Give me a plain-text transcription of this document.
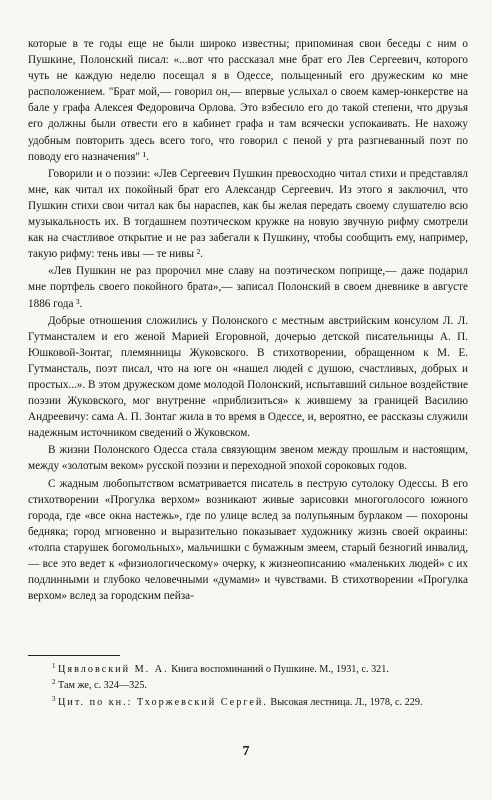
которые в те годы еще не были широко известны; припоминая свои беседы с ним о Пушкине, Полонский писал: «...вот что рассказал мне брат его Лев Сергеевич, которого чуть не каждую неделю посещал я в Одессе, польщенный его дружеским ко мне расположением. "Брат мой,— говорил он,— впервые услыхал о своем камер-юнкерстве на бале у графа Алексея Федоровича Орлова. Это взбесило его до такой степени, что друзья его должны были отвести его в кабинет графа и там всячески успокаивать. Не нахожу удобным повторить здесь всего того, что говорил с пеной у рта разгневанный поэт по поводу его назначения" ¹.

Говорили и о поэзии: «Лев Сергеевич Пушкин превосходно читал стихи и представлял мне, как читал их покойный брат его Александр Сергеевич. Из этого я заключил, что Пушкин стихи свои читал как бы нараспев, как бы желая передать своему слушателю всю музыкальность их. В тогдашнем поэтическом кружке на новую звучную рифму смотрели как на счастливое открытие и не раз забегали к Пушкину, чтобы сообщить ему, например, такую рифму: тень ивы — те нивы ².

«Лев Пушкин не раз пророчил мне славу на поэтическом поприще,— даже подарил мне портфель своего покойного брата»,— записал Полонский в своем дневнике в августе 1886 года ³.

Добрые отношения сложились у Полонского с местным австрийским консулом Л. Л. Гутмансталем и его женой Марией Егоровной, дочерью детской писательницы А. П. Юшковой-Зонтаг, племянницы Жуковского. В стихотворении, обращенном к М. Е. Гутмансталь, поэт писал, что на юге он «нашел людей с душою, счастливых, добрых и простых...». В этом дружеском доме молодой Полонский, испытавший сильное воздействие поэзии Жуковского, мог внутренне «приблизиться» к жившему за границей Василию Андреевичу: сама А. П. Зонтаг жила в то время в Одессе, и, вероятно, ее рассказы служили надежным источником сведений о Жуковском.

В жизни Полонского Одесса стала связующим звеном между прошлым и настоящим, между «золотым веком» русской поэзии и переходной эпохой сороковых годов.

С жадным любопытством всматривается писатель в пеструю сутолоку Одессы. В его стихотворении «Прогулка верхом» возникают живые зарисовки многоголосого южного города, где «все окна настежь», где по улице вслед за полупьяным бурлаком — похороны бедняка; город мгновенно и выразительно показывает художнику жизнь своей окраины: «толпа старушек богомольных», мальчишки с бумажным змеем, старый безногий инвалид,— все это ведет к «физиологическому» очерку, к жизнеописанию «маленьких людей» с их подлинными и глубоко человечными «думами» и чувствами. В стихотворении «Прогулка верхом» вслед за городским пейза-

$^1$ Цявловский М. А. Книга воспоминаний о Пушкине. М., 1931, с. 321.

$^2$ Там же, с. 324—325.

$^3$ Цит. по кн.: Тхоржевский Сергей. Высокая лестница. Л., 1978, с. 229.

7
